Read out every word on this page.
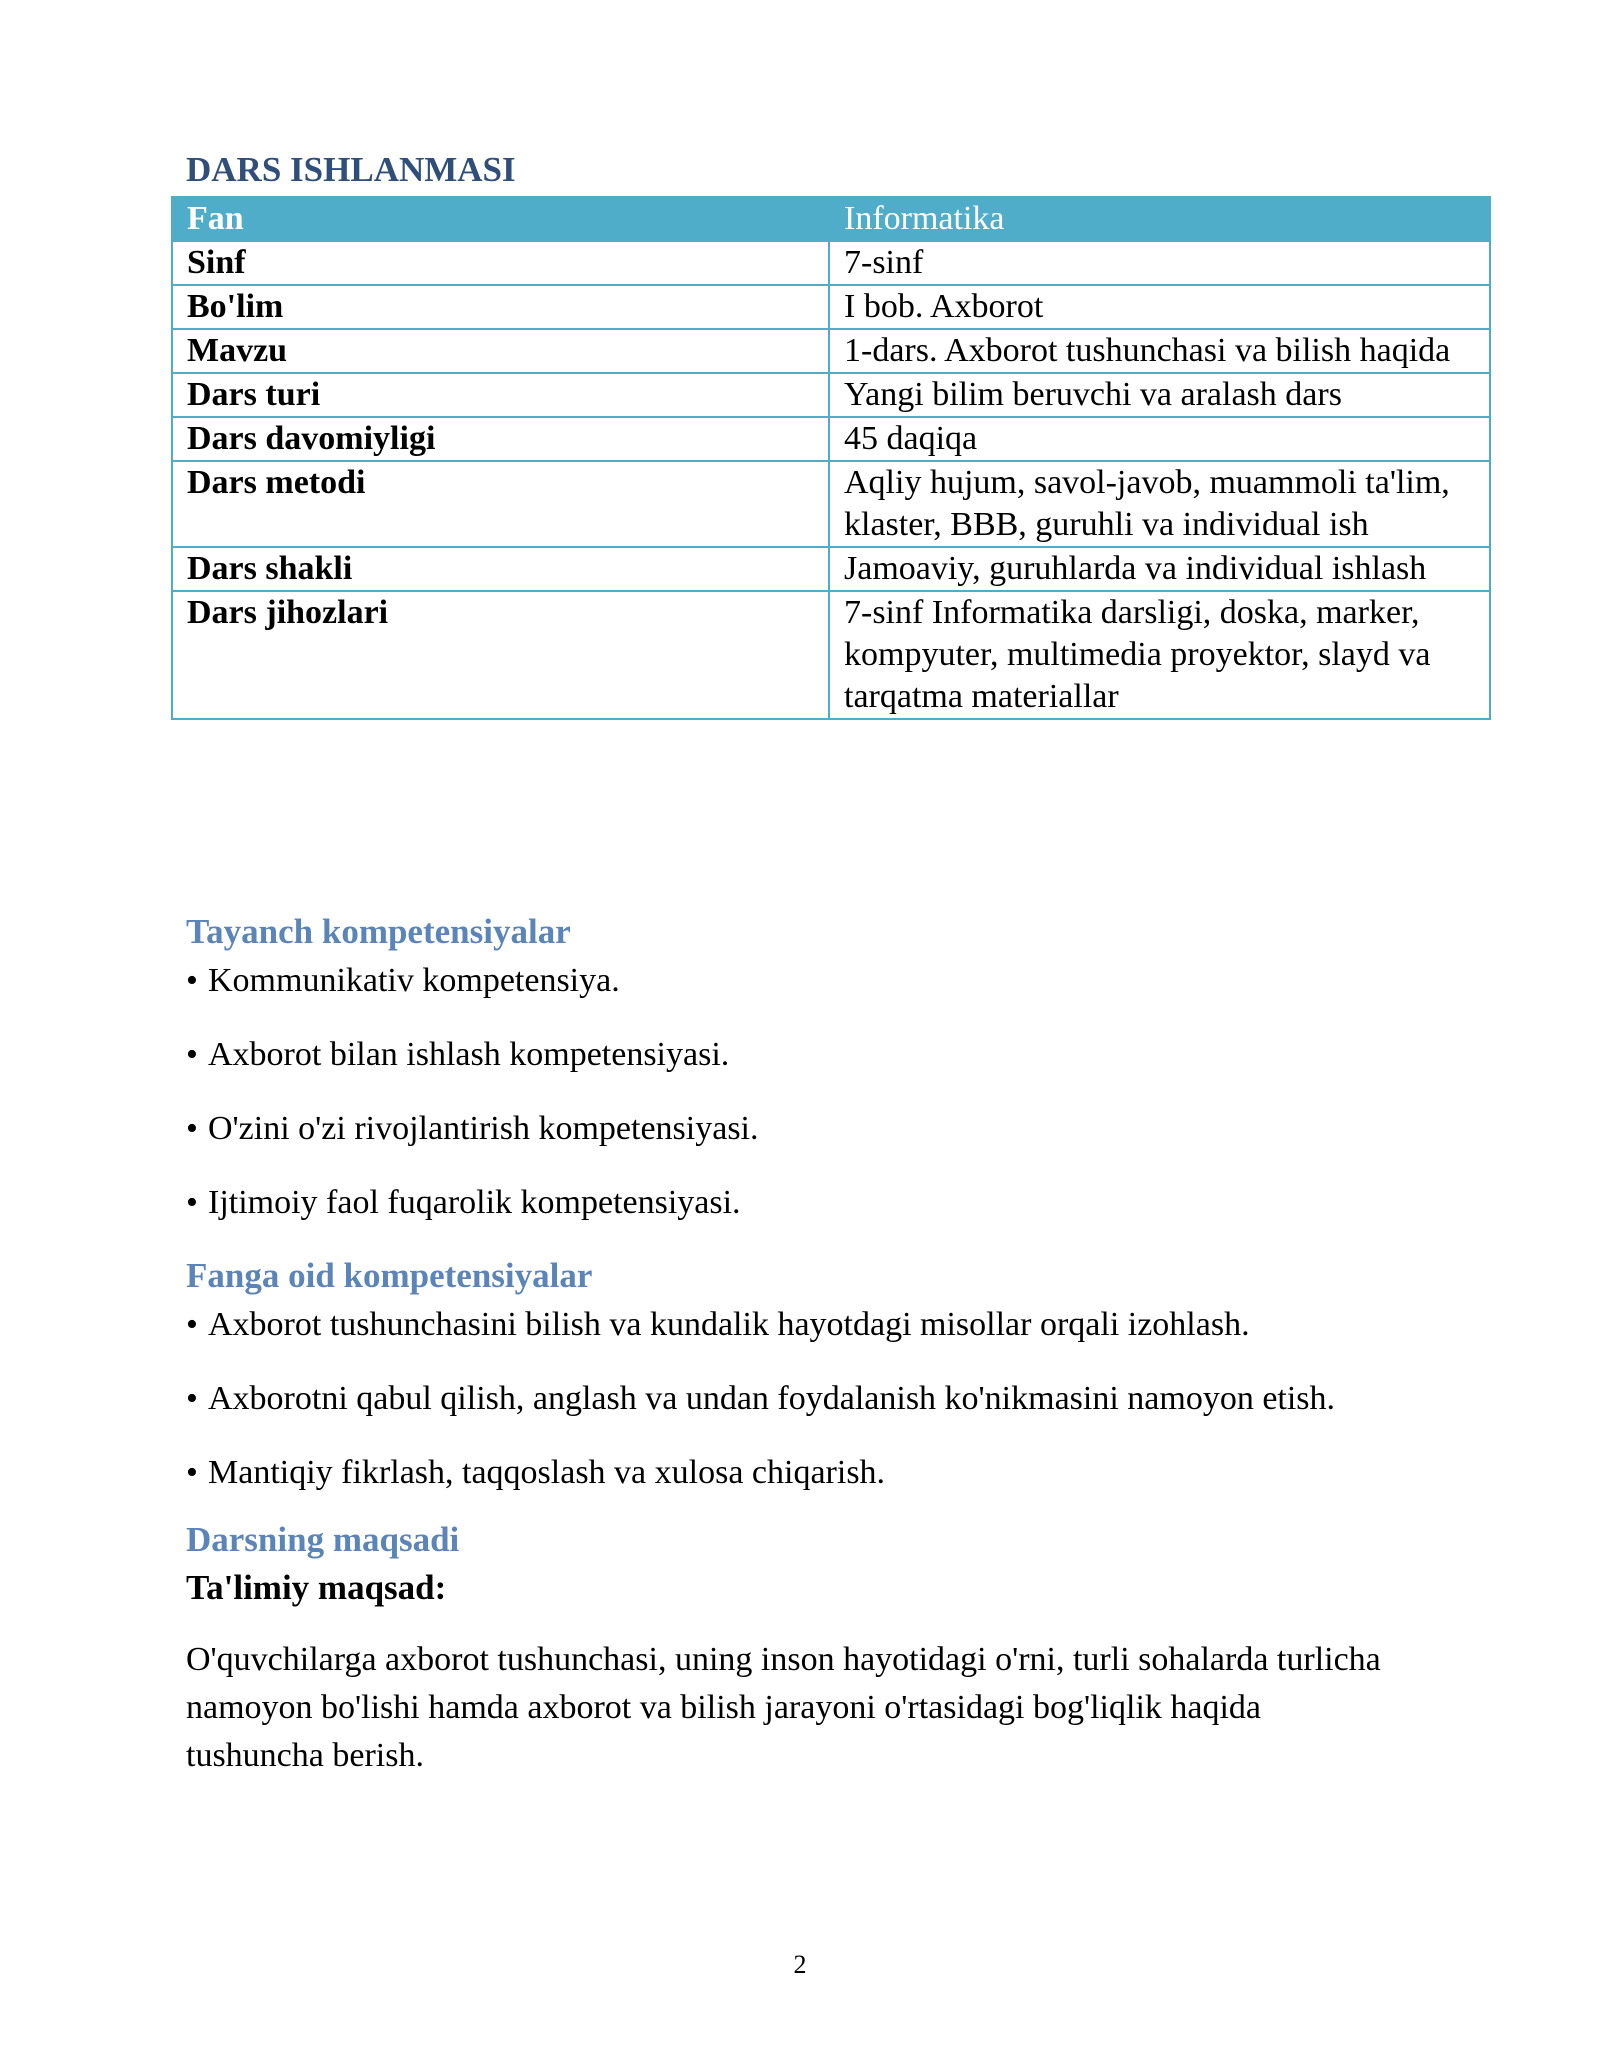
DARS ISHLANMASI
Fan	Informatika
Sinf	7-sinf
Bo'lim	I bob. Axborot
Mavzu	1-dars. Axborot tushunchasi va bilish haqida
Dars turi	Yangi bilim beruvchi va aralash dars
Dars davomiyligi	45 daqiqa
Dars metodi	Aqliy hujum, savol-javob, muammoli ta'lim, klaster, BBB, guruhli va individual ish
Dars shakli	Jamoaviy, guruhlarda va individual ishlash
Dars jihozlari	7-sinf Informatika darsligi, doska, marker, kompyuter, multimedia proyektor, slayd va tarqatma materiallar
Tayanch kompetensiyalar
• Kommunikativ kompetensiya.
• Axborot bilan ishlash kompetensiyasi.
• O'zini o'zi rivojlantirish kompetensiyasi.
• Ijtimoiy faol fuqarolik kompetensiyasi.
Fanga oid kompetensiyalar
• Axborot tushunchasini bilish va kundalik hayotdagi misollar orqali izohlash.
• Axborotni qabul qilish, anglash va undan foydalanish ko'nikmasini namoyon etish.
• Mantiqiy fikrlash, taqqoslash va xulosa chiqarish.
Darsning maqsadi
Ta'limiy maqsad:

O'quvchilarga axborot tushunchasi, uning inson hayotidagi o'rni, turli sohalarda turlicha namoyon bo'lishi hamda axborot va bilish jarayoni o'rtasidagi bog'liqlik haqida tushuncha berish.

2
